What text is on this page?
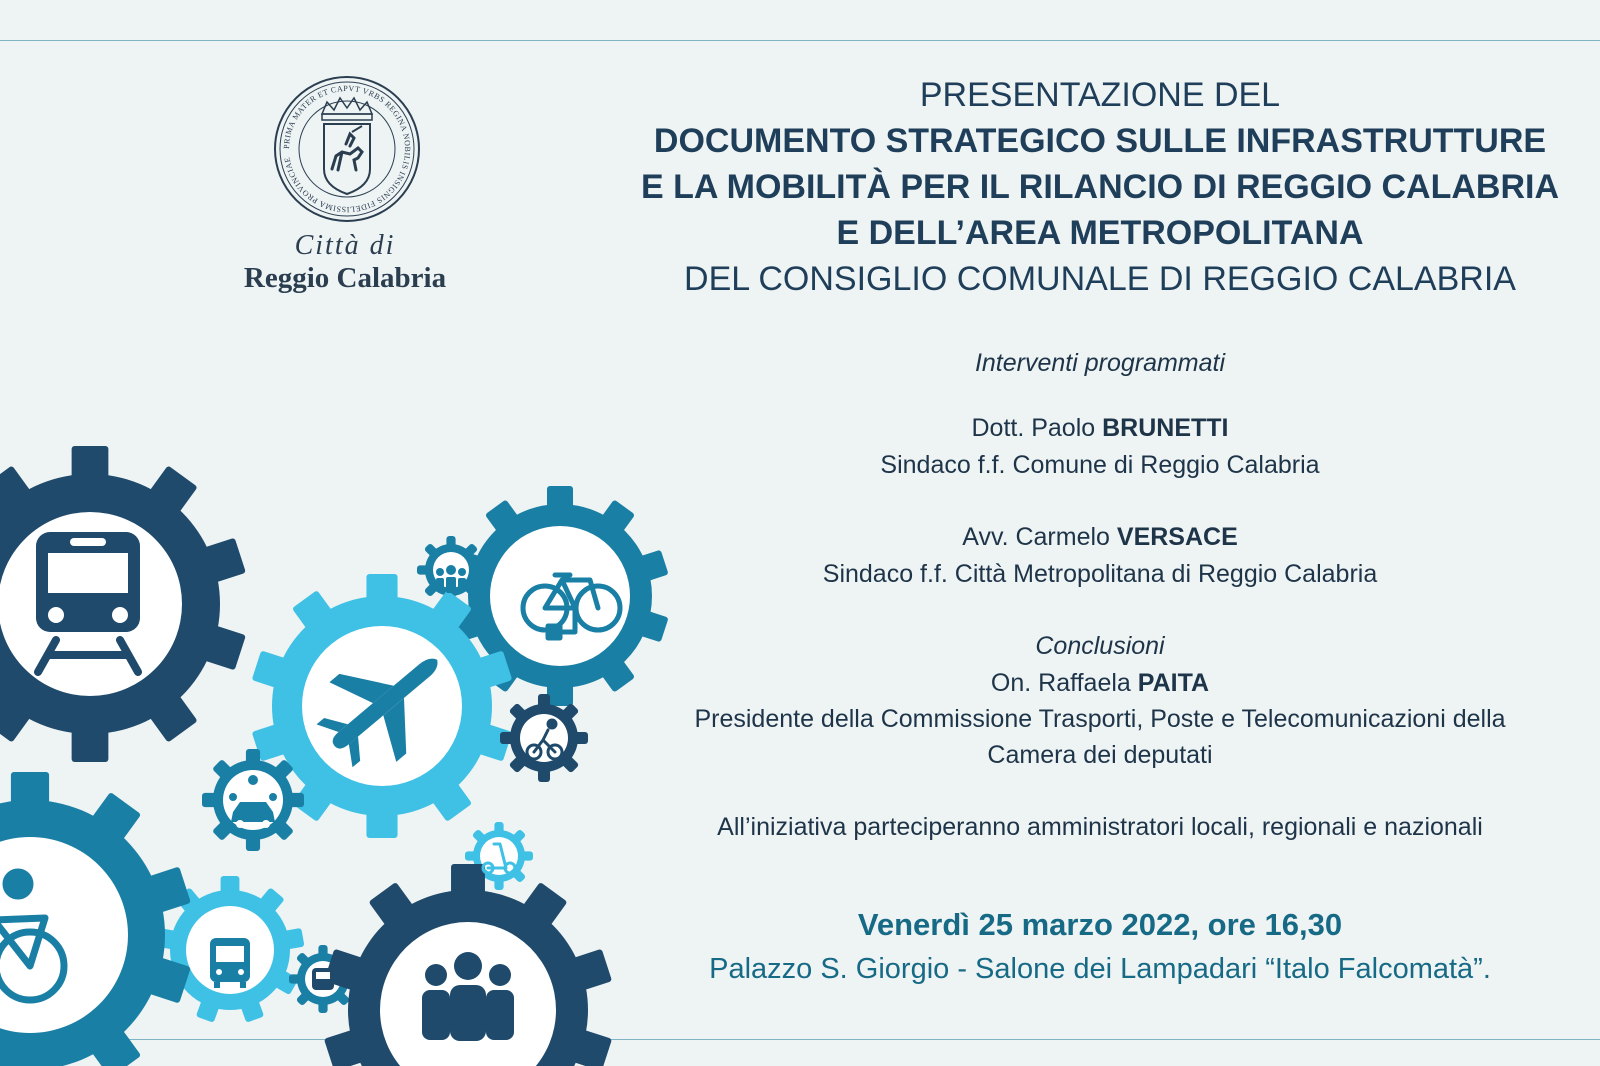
PRIMA MATER ET CAPVT VRBS REGINA NOBILIS INSIGNIS FIDELISSIMA PROVINCIAE
Città di
Reggio Calabria
PRESENTAZIONE DEL
DOCUMENTO STRATEGICO SULLE INFRASTRUTTURE
E LA MOBILITÀ PER IL RILANCIO DI REGGIO CALABRIA
E DELL’AREA METROPOLITANA
DEL CONSIGLIO COMUNALE DI REGGIO CALABRIA
Interventi programmati
Dott. Paolo BRUNETTI
Sindaco f.f. Comune di Reggio Calabria
Avv. Carmelo VERSACE
Sindaco f.f. Città Metropolitana di Reggio Calabria
Conclusioni
On. Raffaela PAITA
Presidente della Commissione Trasporti, Poste e Telecomunicazioni della
Camera dei deputati
All’iniziativa parteciperanno amministratori locali, regionali e nazionali
Venerdì 25 marzo 2022, ore 16,30
Palazzo S. Giorgio - Salone dei Lampadari “Italo Falcomatà”.
